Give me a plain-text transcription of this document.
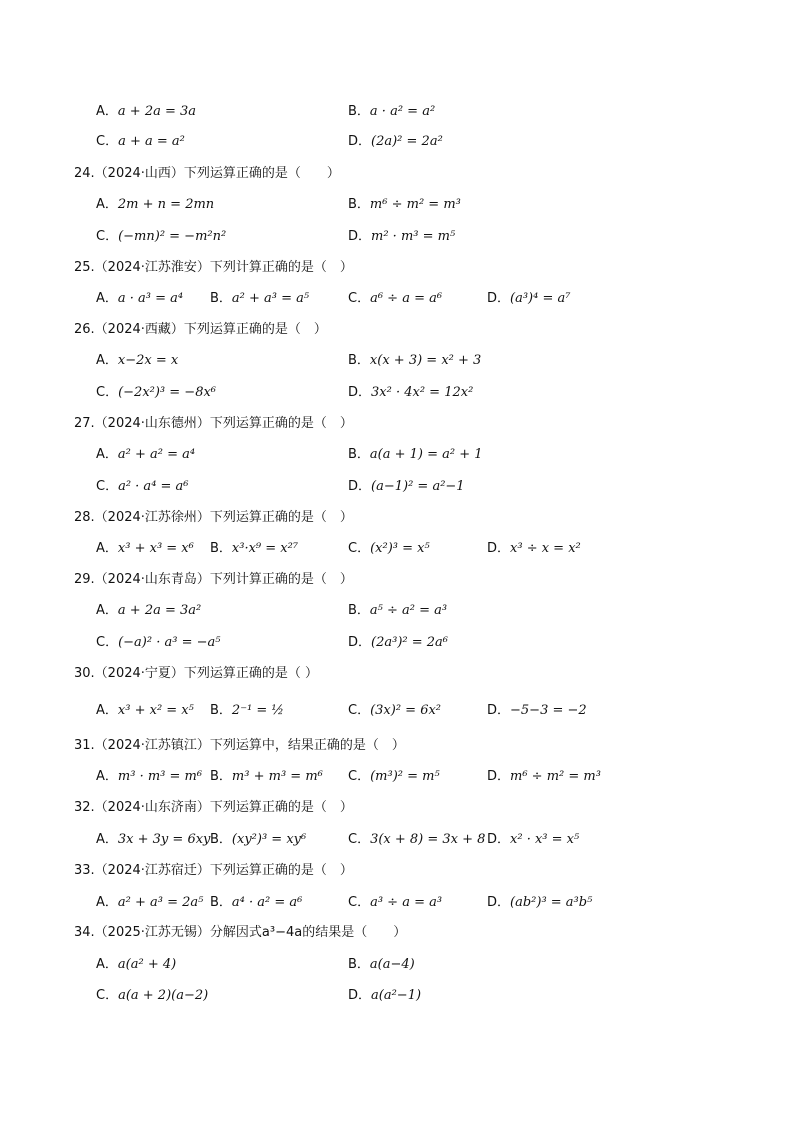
A．a + 2a = 3a	B．a · a² = a²
C．a + a = a²	D．(2a)² = 2a²
24.（2024·山西）下列运算正确的是（　　）
A．2m + n = 2mn	B．m⁶ ÷ m² = m³
C．(−mn)² = −m²n²	D．m² · m³ = m⁵
25.（2024·江苏淮安）下列计算正确的是（　）
A．a · a³ = a⁴ B．a² + a³ = a⁵	C．a⁶ ÷ a = a⁶	D．(a³)⁴ = a⁷
26.（2024·西藏）下列运算正确的是（　）
A．x−2x = x	B．x(x + 3) = x² + 3
C．(−2x²)³ = −8x⁶	D．3x² · 4x² = 12x²
27.（2024·山东德州）下列运算正确的是（　）
A．a² + a² = a⁴	B．a(a + 1) = a² + 1
C．a² · a⁴ = a⁶	D．(a−1)² = a²−1
28.（2024·江苏徐州）下列运算正确的是（　）
A．x³ + x³ = x⁶ B．x³·x⁹ = x²⁷	C．(x²)³ = x⁵	D．x³ ÷ x = x²
29.（2024·山东青岛）下列计算正确的是（　）
A．a + 2a = 3a²	B．a⁵ ÷ a² = a³
C．(−a)² · a³ = −a⁵	D．(2a³)² = 2a⁶
30.（2024·宁夏）下列运算正确的是（ ）
A．x³ + x² = x⁵ B．2⁻¹ = ½	C．(3x)² = 6x²	D．−5−3 = −2
31.（2024·江苏镇江）下列运算中，结果正确的是（　）
A．m³ · m³ = m⁶ B．m³ + m³ = m⁶ C．(m³)² = m⁵	D．m⁶ ÷ m² = m³
32.（2024·山东济南）下列运算正确的是（　）
A．3x + 3y = 6xy B．(xy²)³ = xy⁶	C．3(x + 8) = 3x + 8 D．x² · x³ = x⁵
33.（2024·江苏宿迁）下列运算正确的是（　）
A．a² + a³ = 2a⁵ B．a⁴ · a² = a⁶	C．a³ ÷ a = a³	D．(ab²)³ = a³b⁵
34.（2025·江苏无锡）分解因式a³−4a的结果是（　　）
A．a(a² + 4)	B．a(a−4)
C．a(a + 2)(a−2)	D．a(a²−1)
